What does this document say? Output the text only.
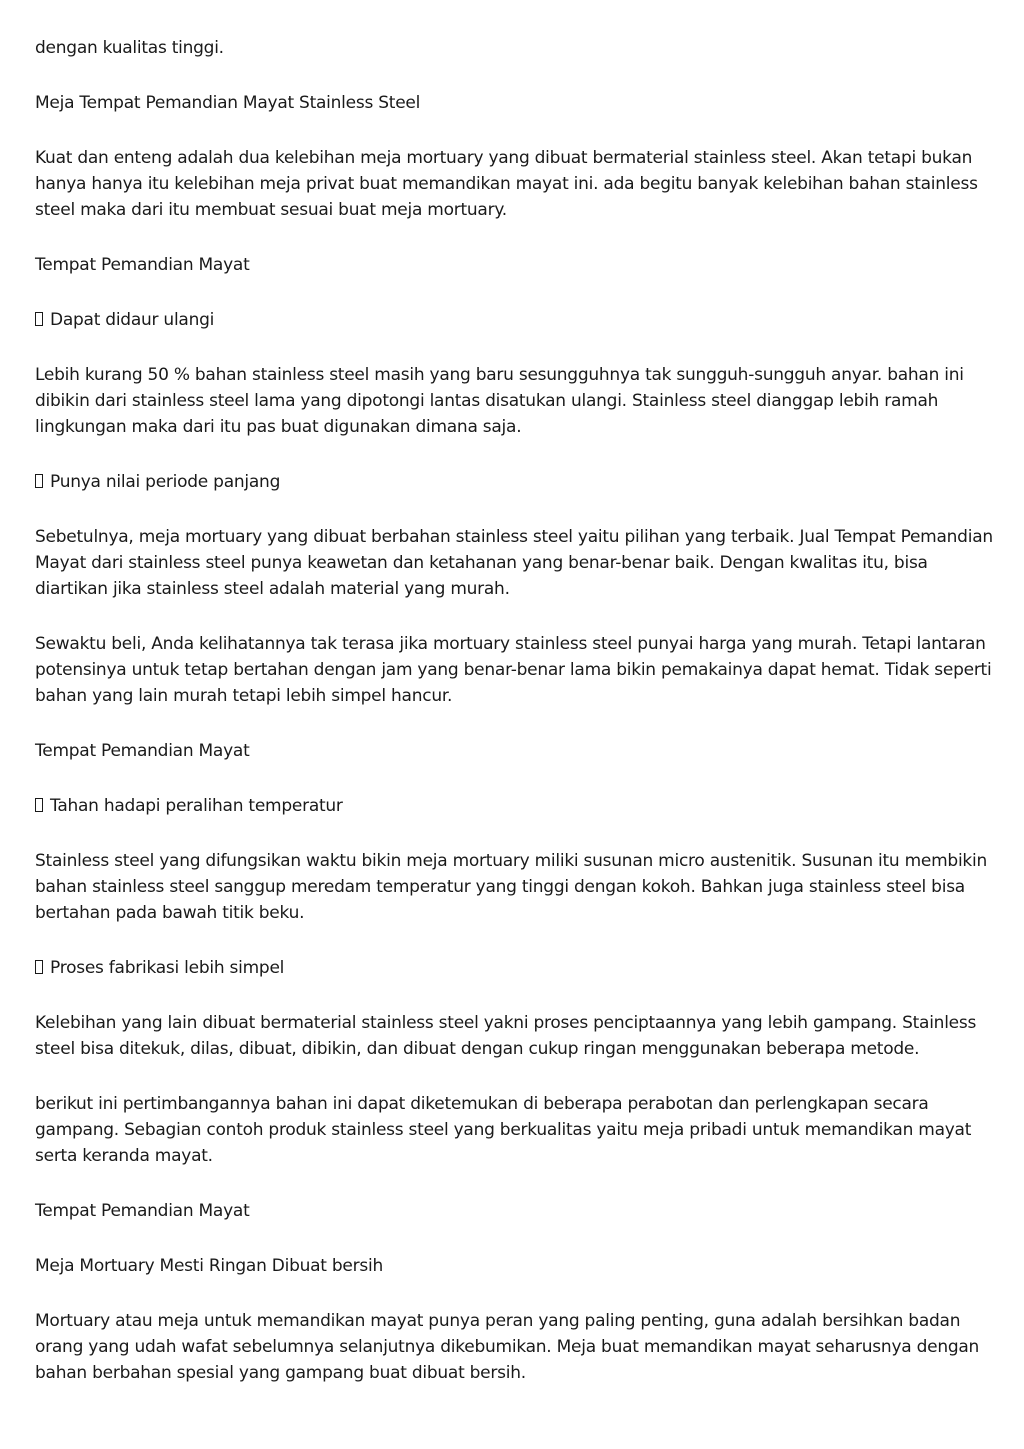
dengan kualitas tinggi.

Meja Tempat Pemandian Mayat Stainless Steel

Kuat dan enteng adalah dua kelebihan meja mortuary yang dibuat bermaterial stainless steel. Akan tetapi bukan hanya hanya itu kelebihan meja privat buat memandikan mayat ini. ada begitu banyak kelebihan bahan stainless steel maka dari itu membuat sesuai buat meja mortuary.

Tempat Pemandian Mayat

Dapat didaur ulangi

Lebih kurang 50 % bahan stainless steel masih yang baru sesungguhnya tak sungguh-sungguh anyar. bahan ini dibikin dari stainless steel lama yang dipotongi lantas disatukan ulangi. Stainless steel dianggap lebih ramah lingkungan maka dari itu pas buat digunakan dimana saja.

Punya nilai periode panjang

Sebetulnya, meja mortuary yang dibuat berbahan stainless steel yaitu pilihan yang terbaik. Jual Tempat Pemandian Mayat dari stainless steel punya keawetan dan ketahanan yang benar-benar baik. Dengan kwalitas itu, bisa diartikan jika stainless steel adalah material yang murah.

Sewaktu beli, Anda kelihatannya tak terasa jika mortuary stainless steel punyai harga yang murah. Tetapi lantaran potensinya untuk tetap bertahan dengan jam yang benar-benar lama bikin pemakainya dapat hemat. Tidak seperti bahan yang lain murah tetapi lebih simpel hancur.

Tempat Pemandian Mayat

Tahan hadapi peralihan temperatur

Stainless steel yang difungsikan waktu bikin meja mortuary miliki susunan micro austenitik. Susunan itu membikin bahan stainless steel sanggup meredam temperatur yang tinggi dengan kokoh. Bahkan juga stainless steel bisa bertahan pada bawah titik beku.

Proses fabrikasi lebih simpel

Kelebihan yang lain dibuat bermaterial stainless steel yakni proses penciptaannya yang lebih gampang. Stainless steel bisa ditekuk, dilas, dibuat, dibikin, dan dibuat dengan cukup ringan menggunakan beberapa metode.

berikut ini pertimbangannya bahan ini dapat diketemukan di beberapa perabotan dan perlengkapan secara gampang. Sebagian contoh produk stainless steel yang berkualitas yaitu meja pribadi untuk memandikan mayat serta keranda mayat.

Tempat Pemandian Mayat

Meja Mortuary Mesti Ringan Dibuat bersih

Mortuary atau meja untuk memandikan mayat punya peran yang paling penting, guna adalah bersihkan badan orang yang udah wafat sebelumnya selanjutnya dikebumikan. Meja buat memandikan mayat seharusnya dengan bahan berbahan spesial yang gampang buat dibuat bersih.
